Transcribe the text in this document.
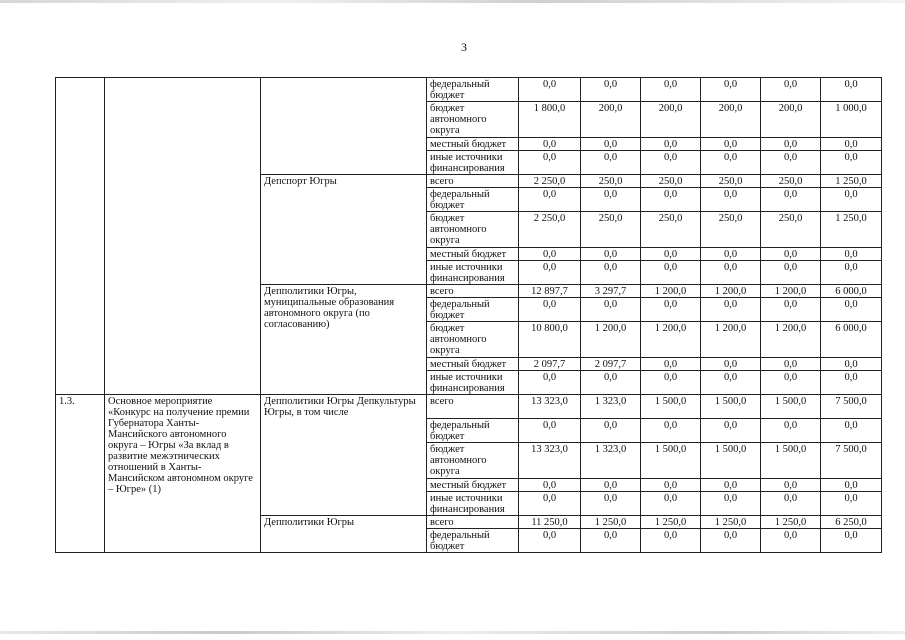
3
			федеральный бюджет	0,0	0,0	0,0	0,0	0,0	0,0
			бюджет автономного округа	1 800,0	200,0	200,0	200,0	200,0	1 000,0
			местный бюджет	0,0	0,0	0,0	0,0	0,0	0,0
			иные источники финансирования	0,0	0,0	0,0	0,0	0,0	0,0
		Депспорт Югры	всего	2 250,0	250,0	250,0	250,0	250,0	1 250,0
			федеральный бюджет	0,0	0,0	0,0	0,0	0,0	0,0
			бюджет автономного округа	2 250,0	250,0	250,0	250,0	250,0	1 250,0
			местный бюджет	0,0	0,0	0,0	0,0	0,0	0,0
			иные источники финансирования	0,0	0,0	0,0	0,0	0,0	0,0
		Депполитики Югры, муниципальные образования автономного округа (по согласованию)	всего	12 897,7	3 297,7	1 200,0	1 200,0	1 200,0	6 000,0
			федеральный бюджет	0,0	0,0	0,0	0,0	0,0	0,0
			бюджет автономного округа	10 800,0	1 200,0	1 200,0	1 200,0	1 200,0	6 000,0
			местный бюджет	2 097,7	2 097,7	0,0	0,0	0,0	0,0
			иные источники финансирования	0,0	0,0	0,0	0,0	0,0	0,0
1.3.	Основное мероприятие «Конкурс на получение премии Губернатора Ханты-Мансийского автономного округа – Югры «За вклад в развитие межэтнических отношений в Ханты-Мансийском автономном округе – Югре» (1)	Депполитики Югры Депкультуры Югры, в том числе	всего	13 323,0	1 323,0	1 500,0	1 500,0	1 500,0	7 500,0
			федеральный бюджет	0,0	0,0	0,0	0,0	0,0	0,0
			бюджет автономного округа	13 323,0	1 323,0	1 500,0	1 500,0	1 500,0	7 500,0
			местный бюджет	0,0	0,0	0,0	0,0	0,0	0,0
			иные источники финансирования	0,0	0,0	0,0	0,0	0,0	0,0
		Депполитики Югры	всего	11 250,0	1 250,0	1 250,0	1 250,0	1 250,0	6 250,0
			федеральный бюджет	0,0	0,0	0,0	0,0	0,0	0,0
